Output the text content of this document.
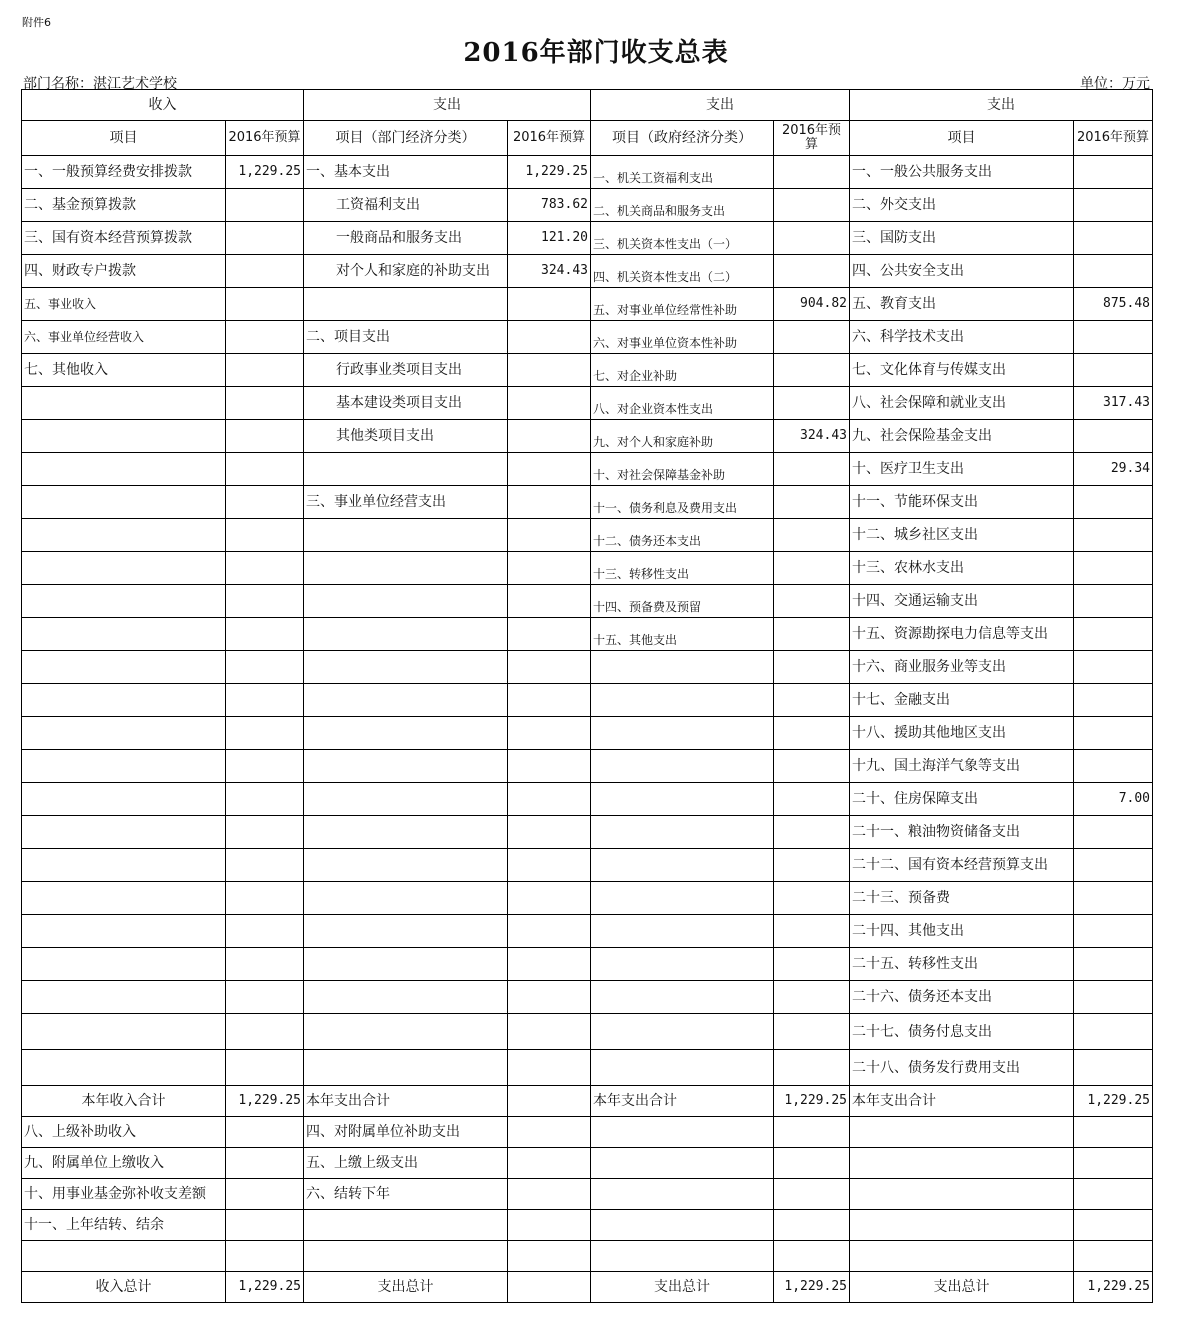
附件6
2016年部门收支总表
部门名称：湛江艺术学校	单位：万元
收入		支出		支出		支出	
项目	2016年预算	项目（部门经济分类）	2016年预算	项目（政府经济分类）	2016年预算	项目	2016年预算
一、一般预算经费安排拨款	1,229.25	一、基本支出	1,229.25	一、机关工资福利支出		一、一般公共服务支出	
二、基金预算拨款		工资福利支出	783.62	二、机关商品和服务支出		二、外交支出	
三、国有资本经营预算拨款		一般商品和服务支出	121.20	三、机关资本性支出（一）		三、国防支出	
四、财政专户拨款		对个人和家庭的补助支出	324.43	四、机关资本性支出（二）		四、公共安全支出	
五、事业收入				五、对事业单位经常性补助	904.82	五、教育支出	875.48
六、事业单位经营收入		二、项目支出		六、对事业单位资本性补助		六、科学技术支出	
七、其他收入		行政事业类项目支出		七、对企业补助		七、文化体育与传媒支出	
		基本建设类项目支出		八、对企业资本性支出		八、社会保障和就业支出	317.43
		其他类项目支出		九、对个人和家庭补助	324.43	九、社会保险基金支出	
				十、对社会保障基金补助		十、医疗卫生支出	29.34
		三、事业单位经营支出		十一、债务利息及费用支出		十一、节能环保支出	
				十二、债务还本支出		十二、城乡社区支出	
				十三、转移性支出		十三、农林水支出	
				十四、预备费及预留		十四、交通运输支出	
				十五、其他支出		十五、资源勘探电力信息等支出	
						十六、商业服务业等支出	
						十七、金融支出	
						十八、援助其他地区支出	
						十九、国土海洋气象等支出	
						二十、住房保障支出	7.00
						二十一、粮油物资储备支出	
						二十二、国有资本经营预算支出	
						二十三、预备费	
						二十四、其他支出	
						二十五、转移性支出	
						二十六、债务还本支出	
						二十七、债务付息支出	
						二十八、债务发行费用支出	
本年收入合计	1,229.25	本年支出合计		本年支出合计	1,229.25	本年支出合计	1,229.25
八、上级补助收入		四、对附属单位补助支出					
九、附属单位上缴收入		五、上缴上级支出					
十、用事业基金弥补收支差额		六、结转下年					
十一、上年结转、结余							

收入总计	1,229.25	支出总计		支出总计	1,229.25	支出总计	1,229.25
